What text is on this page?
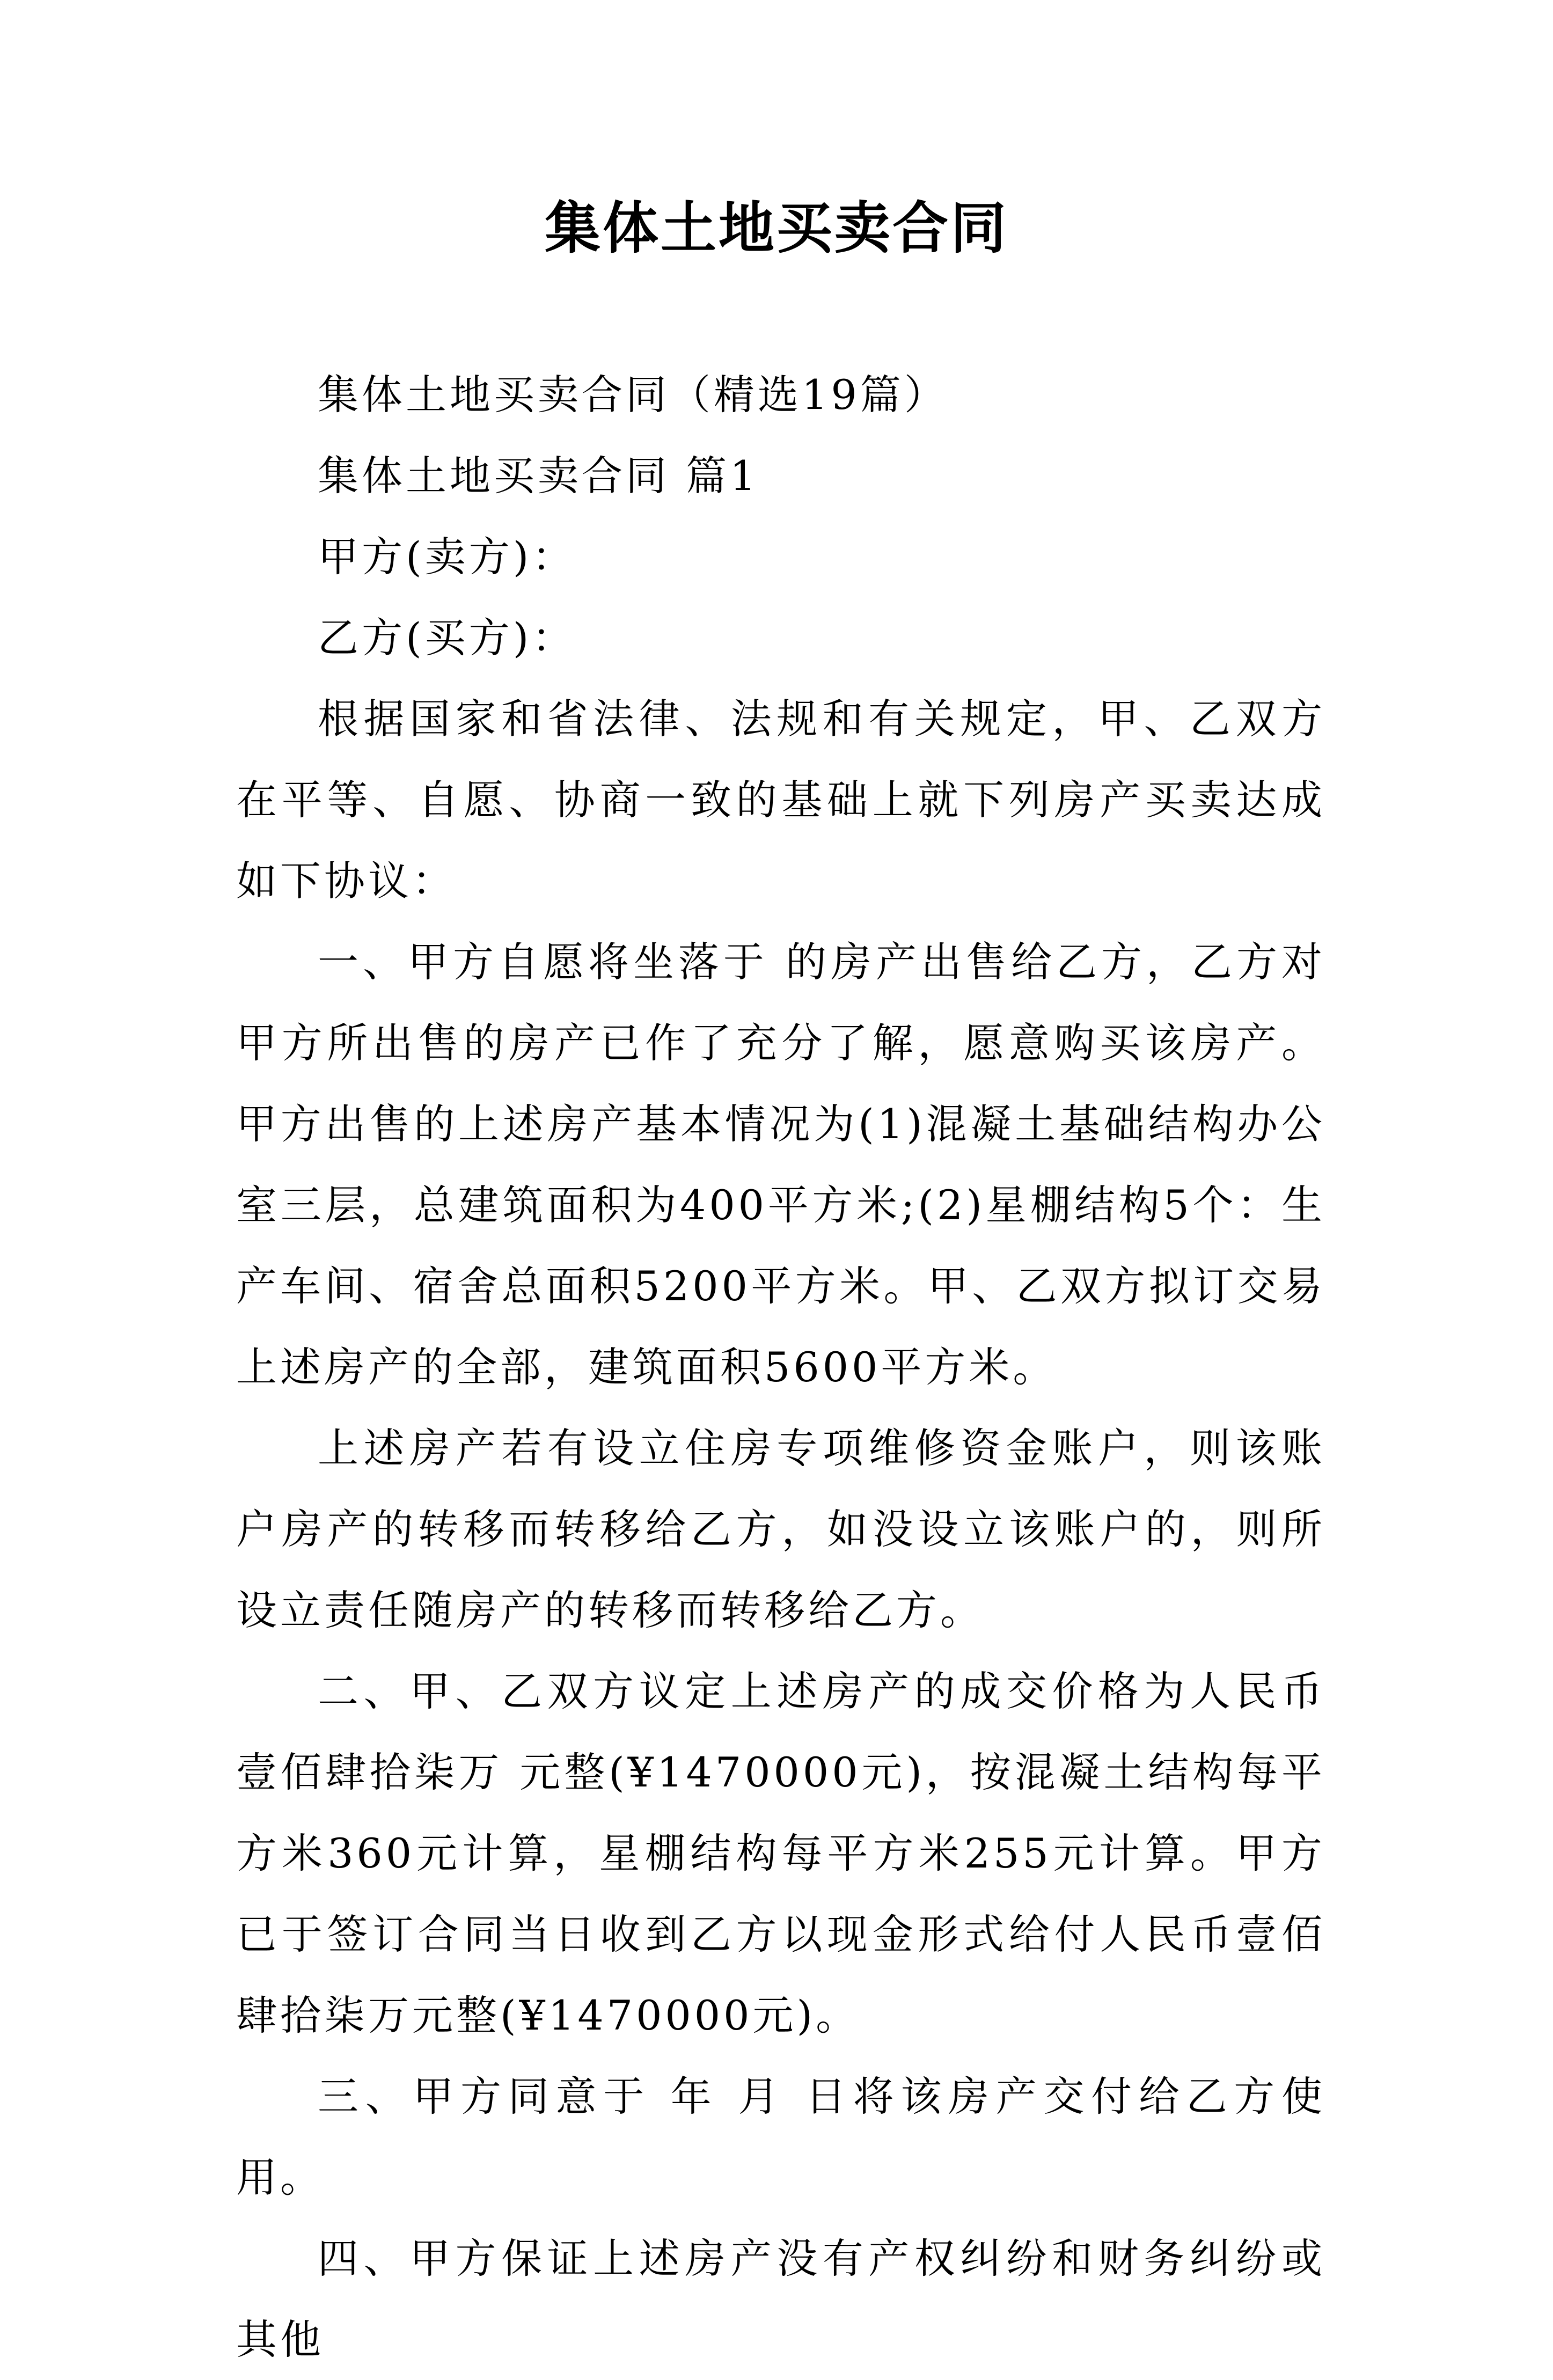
集体土地买卖合同

集体土地买卖合同（精选19篇）

集体土地买卖合同 篇1

甲方(卖方)：

乙方(买方)：

根据国家和省法律、法规和有关规定，甲、乙双方在平等、自愿、协商一致的基础上就下列房产买卖达成如下协议：

一、甲方自愿将坐落于 的房产出售给乙方，乙方对甲方所出售的房产已作了充分了解，愿意购买该房产。甲方出售的上述房产基本情况为(1)混凝土基础结构办公室三层，总建筑面积为400平方米;(2)星棚结构5个：生产车间、宿舍总面积5200平方米。甲、乙双方拟订交易上述房产的全部，建筑面积5600平方米。

上述房产若有设立住房专项维修资金账户，则该账户房产的转移而转移给乙方，如没设立该账户的，则所设立责任随房产的转移而转移给乙方。

二、甲、乙双方议定上述房产的成交价格为人民币壹佰肆拾柒万 元整(¥1470000元)，按混凝土结构每平方米360元计算，星棚结构每平方米255元计算。甲方已于签订合同当日收到乙方以现金形式给付人民币壹佰肆拾柒万元整(¥1470000元)。

三、甲方同意于 年 月 日将该房产交付给乙方使用。

四、甲方保证上述房产没有产权纠纷和财务纠纷或其他
